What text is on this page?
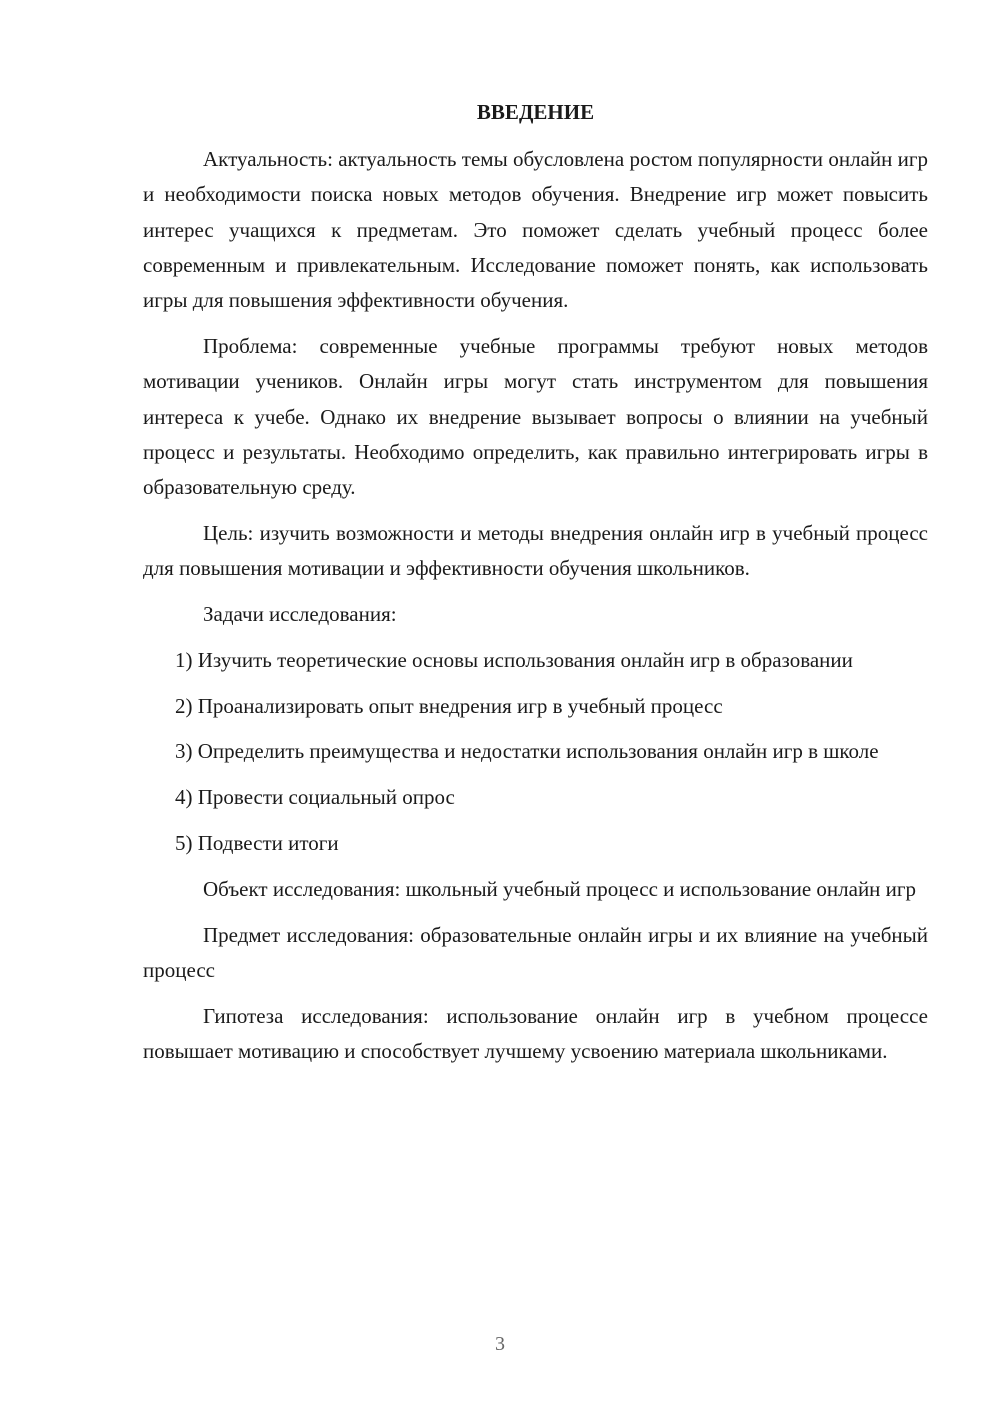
ВВЕДЕНИЕ

Актуальность: актуальность темы обусловлена ростом популярности онлайн игр и необходимости поиска новых методов обучения. Внедрение игр может повысить интерес учащихся к предметам. Это поможет сделать учебный процесс более современным и привлекательным. Исследование поможет понять, как использовать игры для повышения эффективности обучения.

Проблема: современные учебные программы требуют новых методов мотивации учеников. Онлайн игры могут стать инструментом для повышения интереса к учебе. Однако их внедрение вызывает вопросы о влиянии на учебный процесс и результаты. Необходимо определить, как правильно интегрировать игры в образовательную среду.

Цель: изучить возможности и методы внедрения онлайн игр в учебный процесс для повышения мотивации и эффективности обучения школьников.

Задачи исследования:

1) Изучить теоретические основы использования онлайн игр в образовании

2) Проанализировать опыт внедрения игр в учебный процесс

3) Определить преимущества и недостатки использования онлайн игр в школе

4) Провести социальный опрос

5) Подвести итоги

Объект исследования: школьный учебный процесс и использование онлайн игр

Предмет исследования: образовательные онлайн игры и их влияние на учебный процесс

Гипотеза исследования: использование онлайн игр в учебном процессе повышает мотивацию и способствует лучшему усвоению материала школьниками.

3
